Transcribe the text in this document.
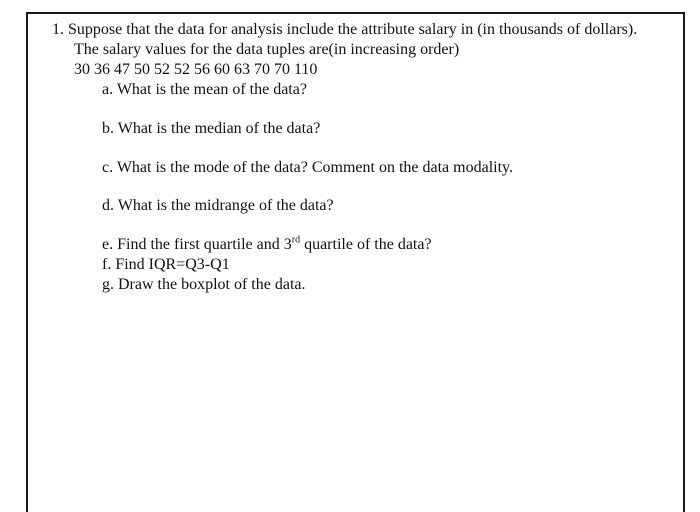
1. Suppose that the data for analysis include the attribute salary in (in thousands of dollars).
The salary values for the data tuples are(in increasing order)
30 36 47 50 52 52 56 60 63 70 70 110
a. What is the mean of the data?
b. What is the median of the data?
c. What is the mode of the data? Comment on the data modality.
d. What is the midrange of the data?
e. Find the first quartile and 3rd quartile of the data?
f. Find IQR=Q3-Q1
g. Draw the boxplot of the data.
